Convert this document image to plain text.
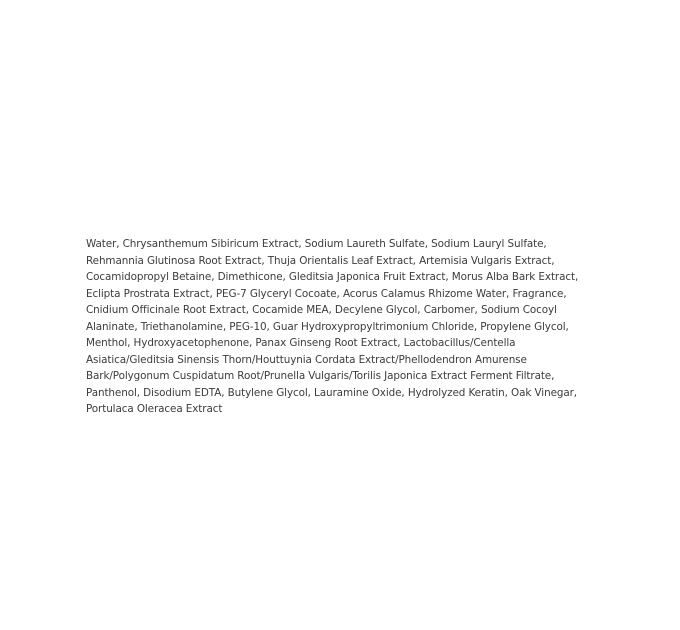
Water, Chrysanthemum Sibiricum Extract, Sodium Laureth Sulfate, Sodium Lauryl Sulfate, Rehmannia Glutinosa Root Extract, Thuja Orientalis Leaf Extract, Artemisia Vulgaris Extract, Cocamidopropyl Betaine, Dimethicone, Gleditsia Japonica Fruit Extract, Morus Alba Bark Extract, Eclipta Prostrata Extract, PEG-7 Glyceryl Cocoate, Acorus Calamus Rhizome Water, Fragrance, Cnidium Officinale Root Extract, Cocamide MEA, Decylene Glycol, Carbomer, Sodium Cocoyl Alaninate, Triethanolamine, PEG-10, Guar Hydroxypropyltrimonium Chloride, Propylene Glycol, Menthol, Hydroxyacetophenone, Panax Ginseng Root Extract, Lactobacillus/Centella Asiatica/Gleditsia Sinensis Thorn/Houttuynia Cordata Extract/Phellodendron Amurense Bark/Polygonum Cuspidatum Root/Prunella Vulgaris/Torilis Japonica Extract Ferment Filtrate, Panthenol, Disodium EDTA, Butylene Glycol, Lauramine Oxide, Hydrolyzed Keratin, Oak Vinegar, Portulaca Oleracea Extract
